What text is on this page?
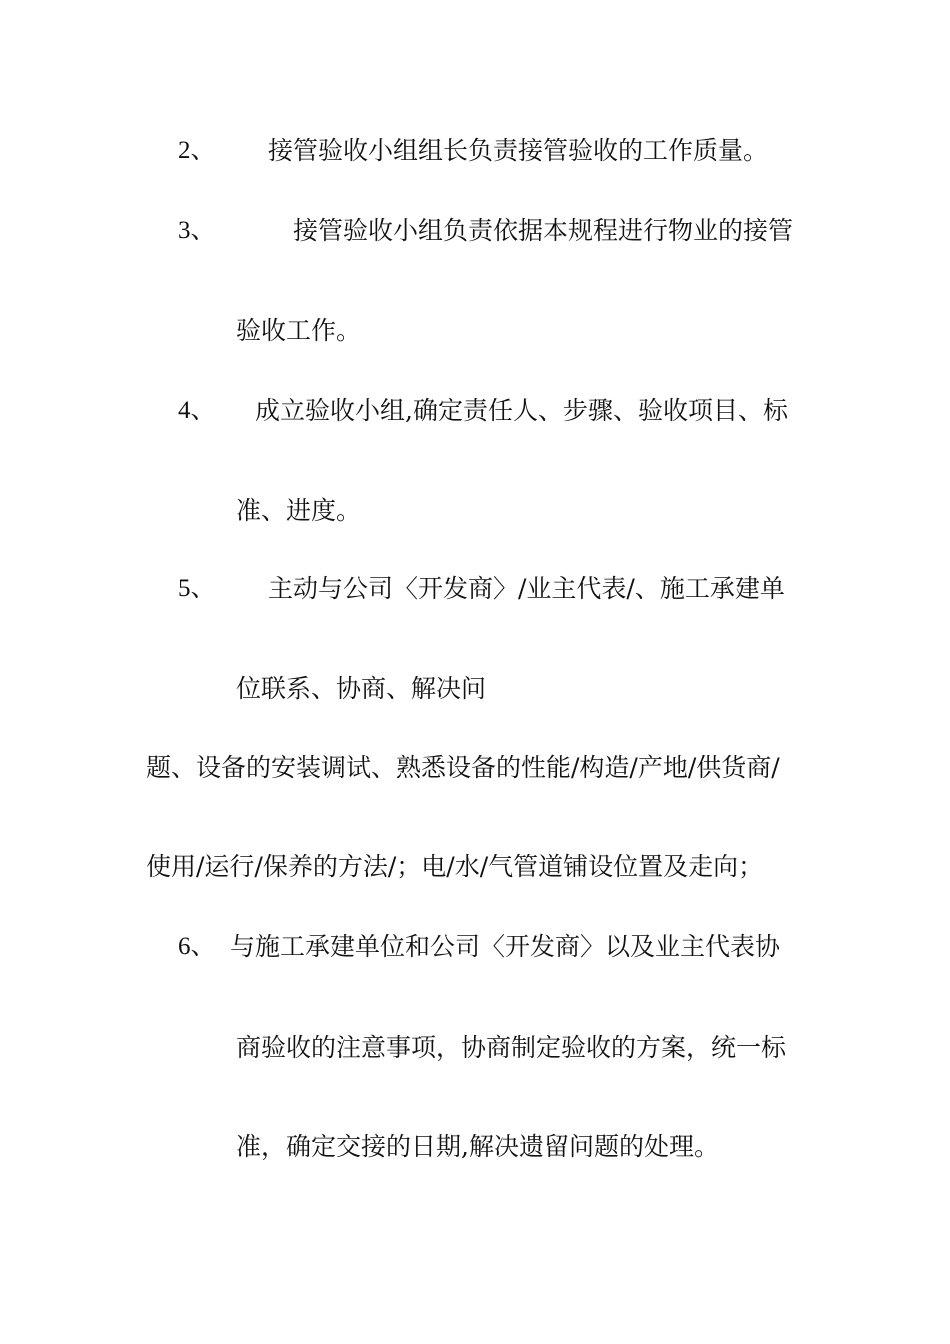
2、 接管验收小组组长负责接管验收的工作质量。
3、	接管验收小组负责依据本规程进行物业的接管
验收工作。
4、 成立验收小组,确定责任人、步骤、验收项目、标
准、进度。
5、 主动与公司〈开发商〉/业主代表/、施工承建单
位联系、协商、解决问
题、设备的安装调试、熟悉设备的性能/构造/产地/供货商/
使用/运行/保养的方法/；电/水/气管道铺设位置及走向；
6、 与施工承建单位和公司〈开发商〉以及业主代表协
商验收的注意事项，协商制定验收的方案，统一标
准，确定交接的日期,解决遗留问题的处理。
